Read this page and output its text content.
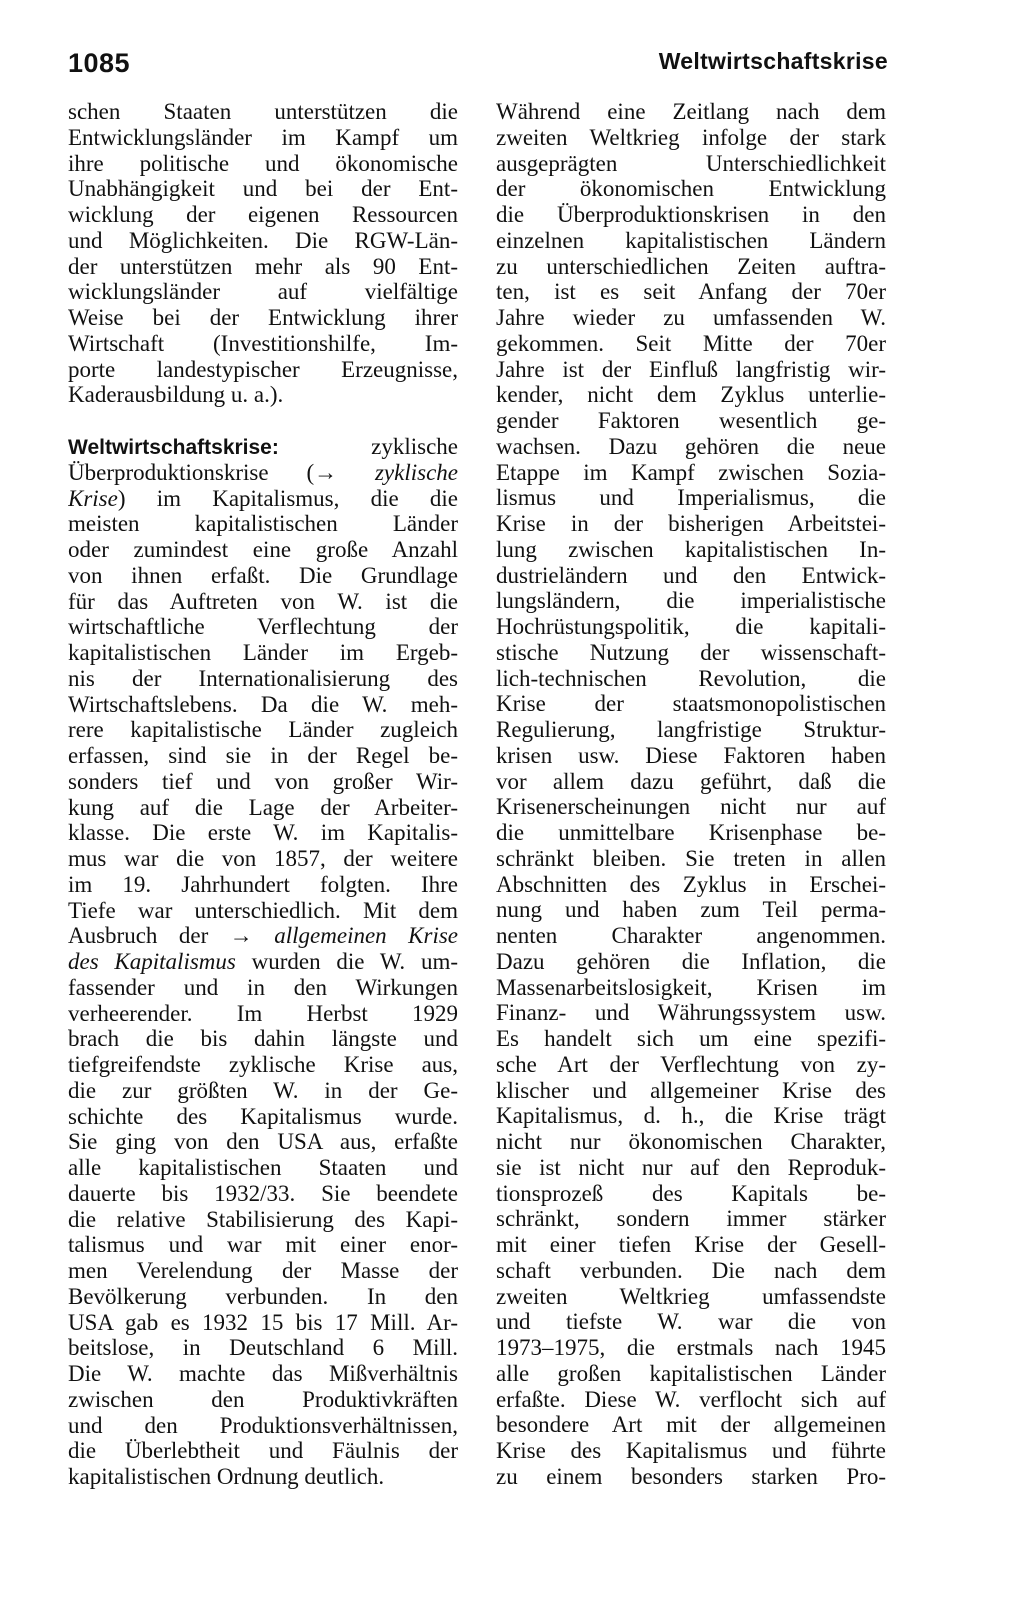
1085	Weltwirtschaftskrise
schen Staaten unterstützen die
Entwicklungsländer im Kampf um
ihre politische und ökonomische
Unabhängigkeit und bei der Ent-
wicklung der eigenen Ressourcen
und Möglichkeiten. Die RGW-Län-
der unterstützen mehr als 90 Ent-
wicklungsländer auf vielfältige
Weise bei der Entwicklung ihrer
Wirtschaft (Investitionshilfe, Im-
porte landestypischer Erzeugnisse,
Kaderausbildung u. a.).
Weltwirtschaftskrise:	zyklische
Überproduktionskrise (→ zyklische
Krise) im Kapitalismus, die die
meisten kapitalistischen Länder
oder zumindest eine große Anzahl
von ihnen erfaßt. Die Grundlage
für das Auftreten von W. ist die
wirtschaftliche Verflechtung der
kapitalistischen Länder im Ergeb-
nis der Internationalisierung des
Wirtschaftslebens. Da die W. meh-
rere kapitalistische Länder zugleich
erfassen, sind sie in der Regel be-
sonders tief und von großer Wir-
kung auf die Lage der Arbeiter-
klasse. Die erste W. im Kapitalis-
mus war die von 1857, der weitere
im 19. Jahrhundert folgten. Ihre
Tiefe war unterschiedlich. Mit dem
Ausbruch der → allgemeinen Krise
des Kapitalismus wurden die W. um-
fassender und in den Wirkungen
verheerender. Im Herbst 1929
brach die bis dahin längste und
tiefgreifendste zyklische Krise aus,
die zur größten W. in der Ge-
schichte des Kapitalismus wurde.
Sie ging von den USA aus, erfaßte
alle kapitalistischen Staaten und
dauerte bis 1932/33. Sie beendete
die relative Stabilisierung des Kapi-
talismus und war mit einer enor-
men Verelendung der Masse der
Bevölkerung verbunden. In den
USA gab es 1932 15 bis 17 Mill. Ar-
beitslose, in Deutschland 6 Mill.
Die W. machte das Mißverhältnis
zwischen den Produktivkräften
und den Produktionsverhältnissen,
die Überlebtheit und Fäulnis der
kapitalistischen Ordnung deutlich.
Während eine Zeitlang nach dem
zweiten Weltkrieg infolge der stark
ausgeprägten Unterschiedlichkeit
der ökonomischen Entwicklung
die Überproduktionskrisen in den
einzelnen kapitalistischen Ländern
zu unterschiedlichen Zeiten auftra-
ten, ist es seit Anfang der 70er
Jahre wieder zu umfassenden W.
gekommen. Seit Mitte der 70er
Jahre ist der Einfluß langfristig wir-
kender, nicht dem Zyklus unterlie-
gender Faktoren wesentlich ge-
wachsen. Dazu gehören die neue
Etappe im Kampf zwischen Sozia-
lismus und Imperialismus, die
Krise in der bisherigen Arbeitstei-
lung zwischen kapitalistischen In-
dustrieländern und den Entwick-
lungsländern, die imperialistische
Hochrüstungspolitik, die kapitali-
stische Nutzung der wissenschaft-
lich-technischen Revolution, die
Krise der staatsmonopolistischen
Regulierung, langfristige Struktur-
krisen usw. Diese Faktoren haben
vor allem dazu geführt, daß die
Krisenerscheinungen nicht nur auf
die unmittelbare Krisenphase be-
schränkt bleiben. Sie treten in allen
Abschnitten des Zyklus in Erschei-
nung und haben zum Teil perma-
nenten Charakter angenommen.
Dazu gehören die Inflation, die
Massenarbeitslosigkeit, Krisen im
Finanz- und Währungssystem usw.
Es handelt sich um eine spezifi-
sche Art der Verflechtung von zy-
klischer und allgemeiner Krise des
Kapitalismus, d. h., die Krise trägt
nicht nur ökonomischen Charakter,
sie ist nicht nur auf den Reproduk-
tionsprozeß des Kapitals be-
schränkt, sondern immer stärker
mit einer tiefen Krise der Gesell-
schaft verbunden. Die nach dem
zweiten Weltkrieg umfassendste
und tiefste W. war die von
1973–1975, die erstmals nach 1945
alle großen kapitalistischen Länder
erfaßte. Diese W. verflocht sich auf
besondere Art mit der allgemeinen
Krise des Kapitalismus und führte
zu einem besonders starken Pro-
